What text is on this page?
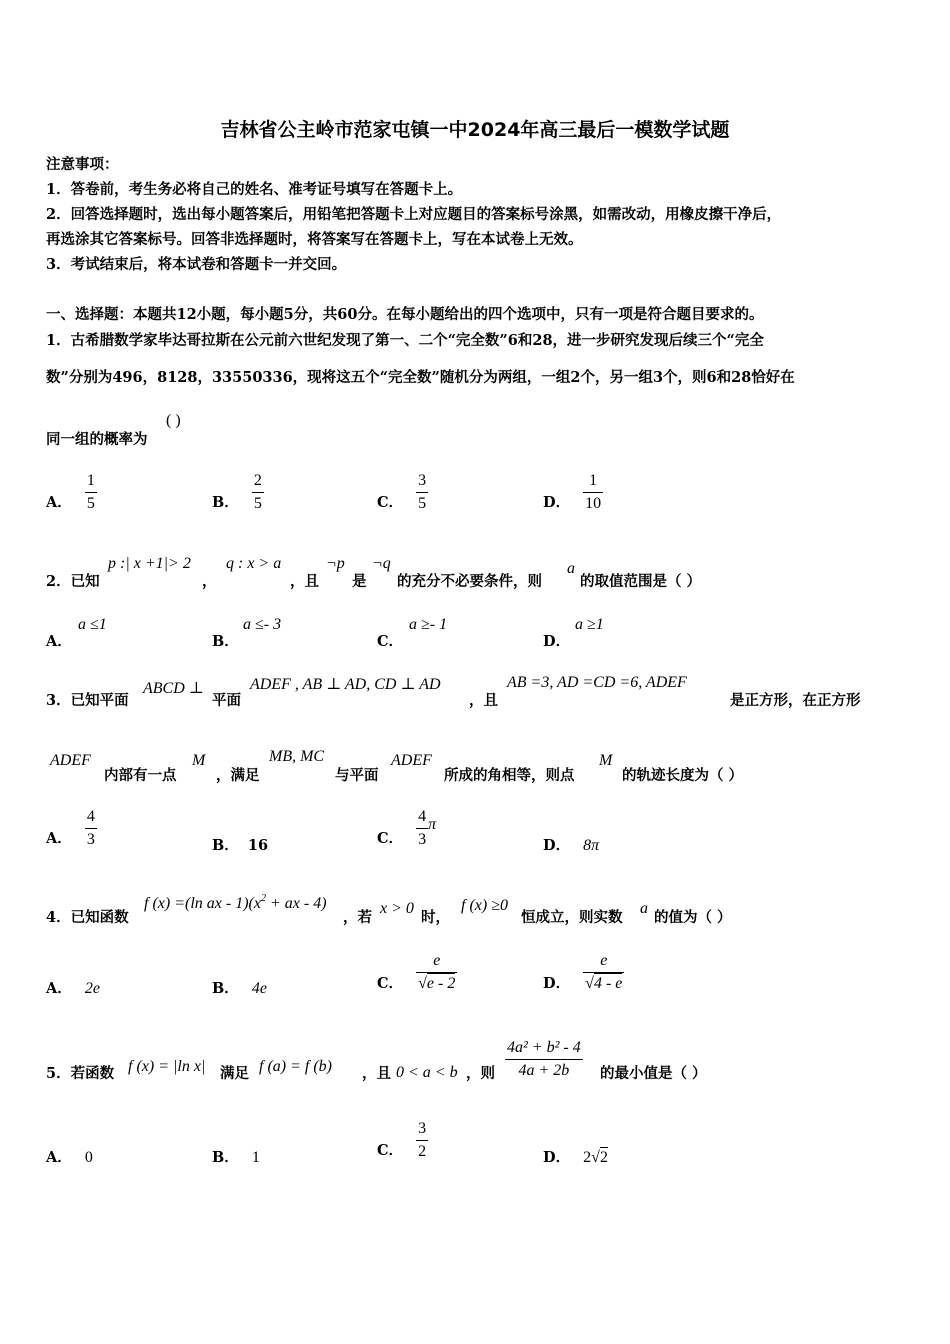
吉林省公主岭市范家屯镇一中2024年高三最后一模数学试题
注意事项：
1．答卷前，考生务必将自己的姓名、准考证号填写在答题卡上。
2．回答选择题时，选出每小题答案后，用铅笔把答题卡上对应题目的答案标号涂黑，如需改动，用橡皮擦干净后，
再选涂其它答案标号。回答非选择题时，将答案写在答题卡上，写在本试卷上无效。
3．考试结束后，将本试卷和答题卡一并交回。
一、选择题：本题共12小题，每小题5分，共60分。在每小题给出的四个选项中，只有一项是符合题目要求的。
1．古希腊数学家毕达哥拉斯在公元前六世纪发现了第一、二个“完全数”6和28，进一步研究发现后续三个“完全
数”分别为496，8128，33550336，现将这五个“完全数”随机分为两组，一组2个，另一组3个，则6和28恰好在
同一组的概率为
( )
A． $\frac{1}{5}$	B． $\frac{2}{5}$	C． $\frac{3}{5}$	D． $\frac{1}{10}$
2．已知
p :| x +1|> 2
，
q : x > a
，且
¬p
是
¬q
的充分不必要条件，则
a
的取值范围是（ ）
A．
a ≤1
B．
a ≤- 3
C．
a ≥- 1
D．
a ≥1
3．已知平面
ABCD ⊥
平面
ADEF , AB ⊥ AD, CD ⊥ AD
，且
AB =3, AD =CD =6, ADEF
是正方形，在正方形
ADEF
内部有一点
M
，满足
MB, MC
与平面
ADEF
所成的角相等，则点
M
的轨迹长度为（ ）
A． $\frac{4}{3}$	B． 16	C． $\frac{4}{3}$ π
D． 8π
4．已知函数
f (x) =(ln ax - $1)(x^2$ + ax - 4)
，若
x > 0
时，
f (x) ≥0
恒成立，则实数
a
的值为（ ）
A． 2e	B． 4e	C． $\frac{e}{√e - 2}$	D． $\frac{e}{√4 - e}$
5．若函数 f (x) = |ln x| 满足 f (a) = f (b) ，且 0 < a < b ，则 $\frac{\text{4a² + b² - 4}}{4a + 2b}$ 的最小值是（ ）
A． 0	B． 1	C． $\frac{3}{2}$	D． 2√2
